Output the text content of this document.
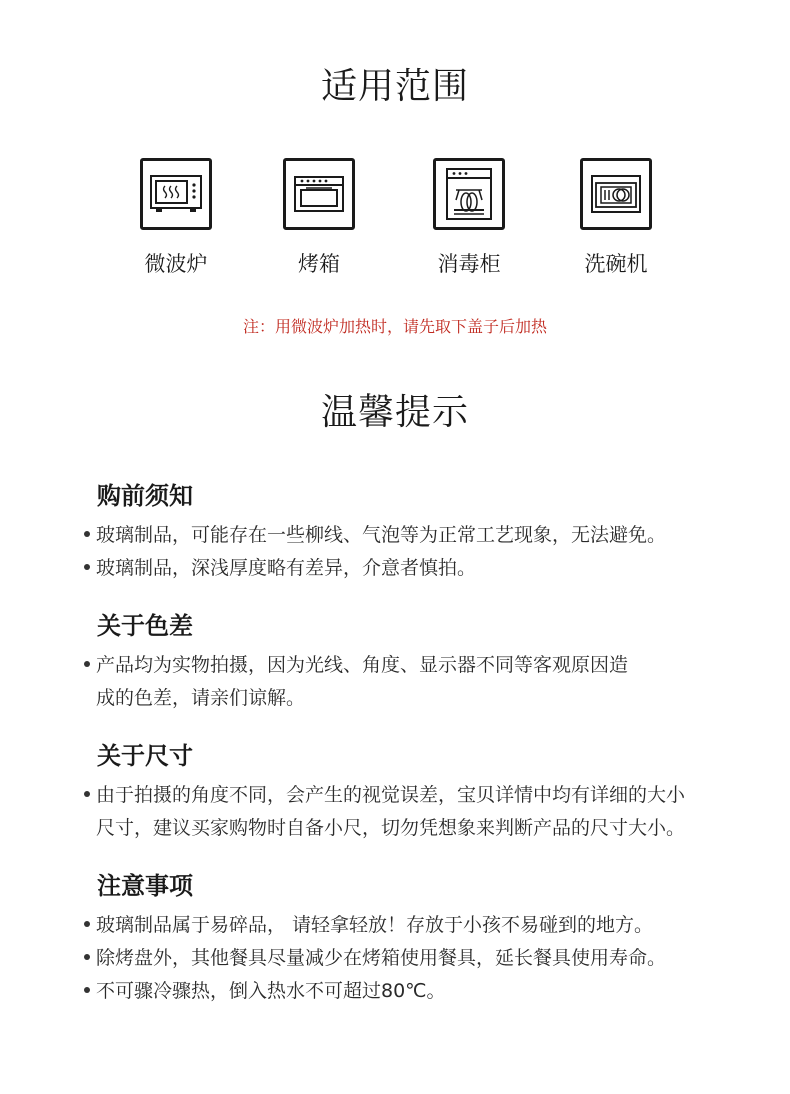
适用范围
微波炉	烤箱	消毒柜	洗碗机
注：用微波炉加热时，请先取下盖子后加热
温馨提示
购前须知
玻璃制品，可能存在一些柳线、气泡等为正常工艺现象，无法避免。
玻璃制品，深浅厚度略有差异，介意者慎拍。
关于色差
产品均为实物拍摄，因为光线、角度、显示器不同等客观原因造
成的色差，请亲们谅解。
关于尺寸
由于拍摄的角度不同，会产生的视觉误差，宝贝详情中均有详细的大小
尺寸，建议买家购物时自备小尺，切勿凭想象来判断产品的尺寸大小。
注意事项
玻璃制品属于易碎品， 请轻拿轻放！存放于小孩不易碰到的地方。
除烤盘外，其他餐具尽量减少在烤箱使用餐具，延长餐具使用寿命。
不可骤冷骤热，倒入热水不可超过80℃。
